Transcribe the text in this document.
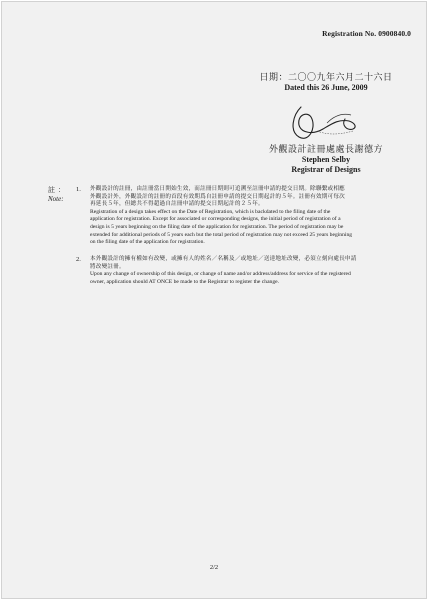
Registration No. 0900840.0
日期：二〇〇九年六月二十六日
Dated this 26 June, 2009
外觀設計註冊處處長謝德方
Stephen Selby
Registrar of Designs
註：
Note:
1.	外觀設計的註冊，由註冊當日開始生效，而註冊日期則可追溯至註冊申請的提交日期。除聯繫或相應

外觀設計外，外觀設計的註冊的首段有效期爲自註冊申請的提交日期起計的５年。註冊有效期可每次

再延長５年，但總共不得超過自註冊申請的提交日期起計的２５年。

Registration of a design takes effect on the Date of Registration, which is backdated to the filing date of the

application for registration. Except for associated or corresponding designs, the initial period of registration of a

design is 5 years beginning on the filing date of the application for registration. The period of registration may be

extended for additional periods of 5 years each but the total period of registration may not exceed 25 years beginning

on the filing date of the application for registration.

2.	本外觀設計的擁有權如有改變，或擁有人的姓名／名稱及／或地址／送達地址改變，必須立刻向處長申請

將改變註冊。

Upon any change of ownership of this design, or change of name and/or address/address for service of the registered

owner, application should AT ONCE be made to the Registrar to register the change.

2/2
